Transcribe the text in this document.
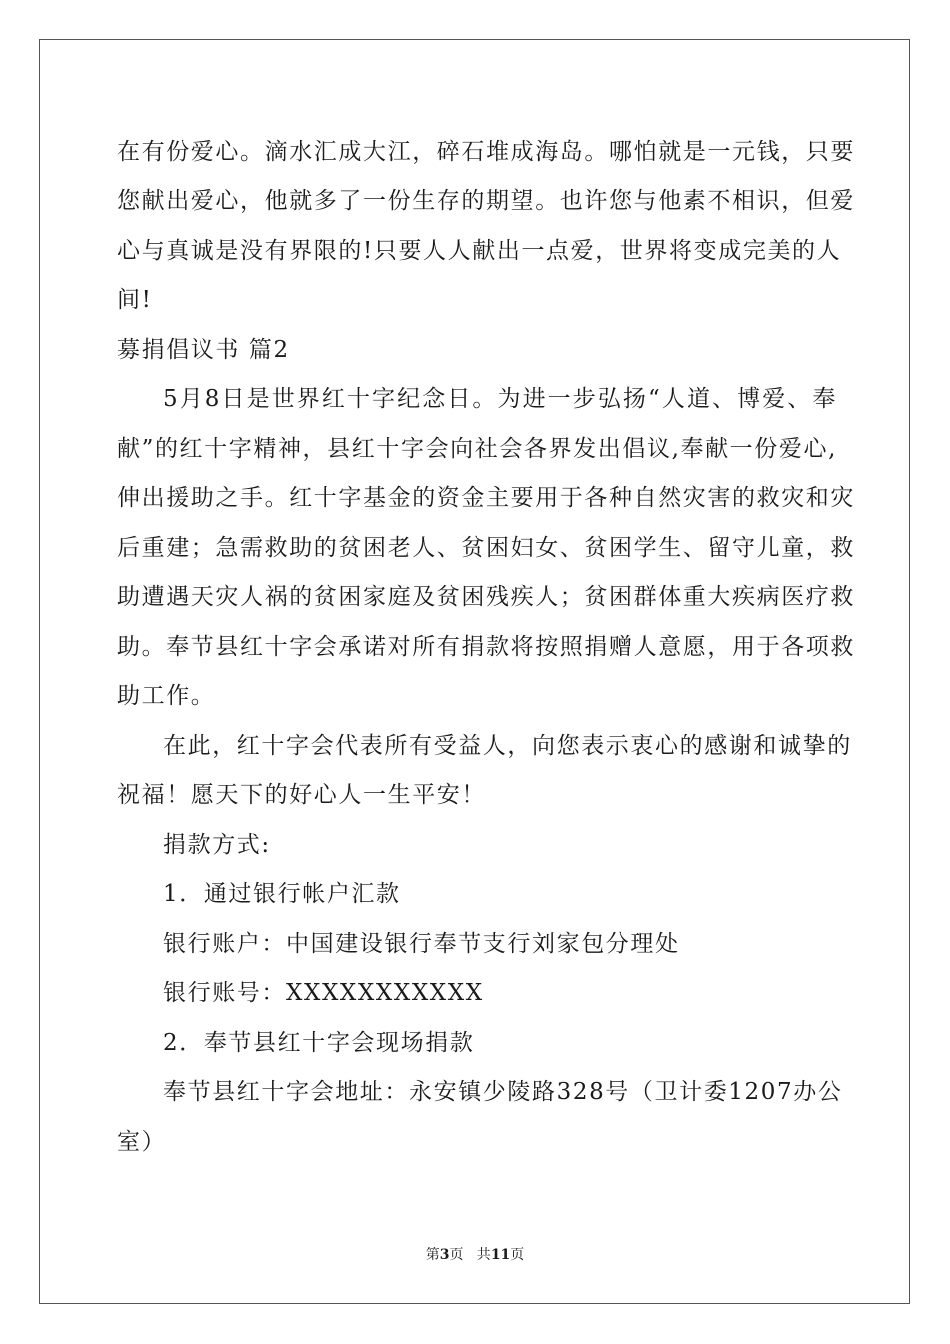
在有份爱心。滴水汇成大江，碎石堆成海岛。哪怕就是一元钱，只要
您献出爱心，他就多了一份生存的期望。也许您与他素不相识，但爱
心与真诚是没有界限的!只要人人献出一点爱，世界将变成完美的人
间!
募捐倡议书 篇2
5月8日是世界红十字纪念日。为进一步弘扬“人道、博爱、奉
献”的红十字精神，县红十字会向社会各界发出倡议,奉献一份爱心,
伸出援助之手。红十字基金的资金主要用于各种自然灾害的救灾和灾
后重建；急需救助的贫困老人、贫困妇女、贫困学生、留守儿童，救
助遭遇天灾人祸的贫困家庭及贫困残疾人；贫困群体重大疾病医疗救
助。奉节县红十字会承诺对所有捐款将按照捐赠人意愿，用于各项救
助工作。
在此，红十字会代表所有受益人，向您表示衷心的感谢和诚挚的
祝福！愿天下的好心人一生平安！
捐款方式:
1．通过银行帐户汇款
银行账户：中国建设银行奉节支行刘家包分理处
银行账号：XXXXXXXXXXX
2．奉节县红十字会现场捐款
奉节县红十字会地址：永安镇少陵路328号（卫计委1207办公
室）
第3页   共11页
